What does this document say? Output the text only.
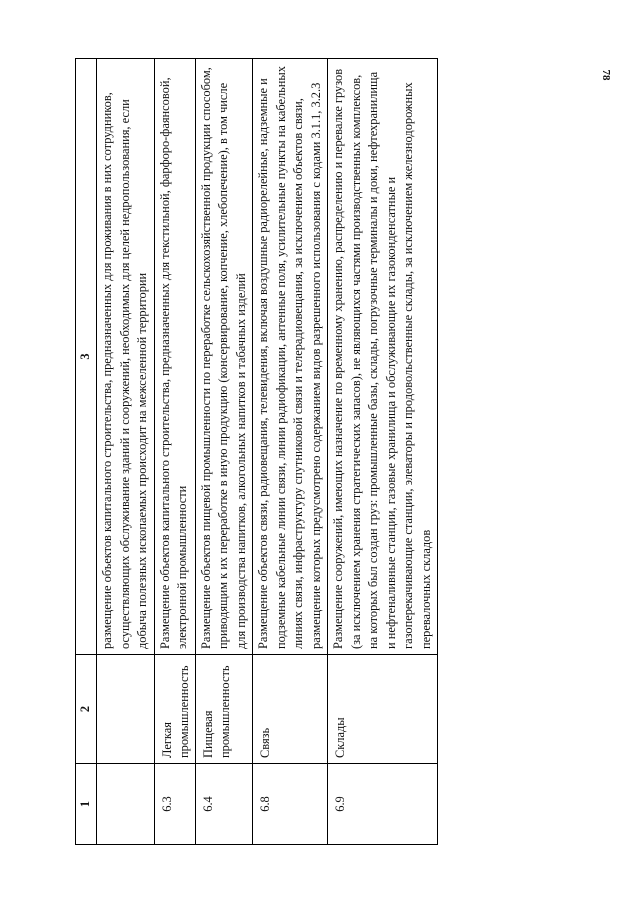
78
1	2	3
		размещение объектов капитального строительства, предназначенных для проживания в них сотрудников, осуществляющих обслуживание зданий и сооружений, необходимых для целей недропользования, если добыча полезных ископаемых происходит на межселенной территории
6.3	Легкая промышленность	Размещение объектов капитального строительства, предназначенных для текстильной, фарфоро-фаянсовой, электронной промышленности
6.4	Пищевая промышленность	Размещение объектов пищевой промышленности по переработке сельскохозяйственной продукции способом, приводящим к их переработке в иную продукцию (консервирование, копчение, хлебопечение), в том числе для производства напитков, алкогольных напитков и табачных изделий
6.8	Связь	Размещение объектов связи, радиовещания, телевидения, включая воздушные радиорелейные, надземные и подземные кабельные линии связи, линии радиофикации, антенные поля, усилительные пункты на кабельных линиях связи, инфраструктуру спутниковой связи и телерадиовещания, за исключением объектов связи, размещение которых предусмотрено содержанием видов разрешенного использования с кодами 3.1.1, 3.2.3
6.9	Склады	Размещение сооружений, имеющих назначение по временному хранению, распределению и перевалке грузов (за исключением хранения стратегических запасов), не являющихся частями производственных комплексов, на которых был создан груз: промышленные базы, склады, погрузочные терминалы и доки, нефтехранилища и нефтеналивные станции, газовые хранилища и обслуживающие их газоконденсатные и газоперекачивающие станции, элеваторы и продовольственные склады, за исключением железнодорожных перевалочных складов
